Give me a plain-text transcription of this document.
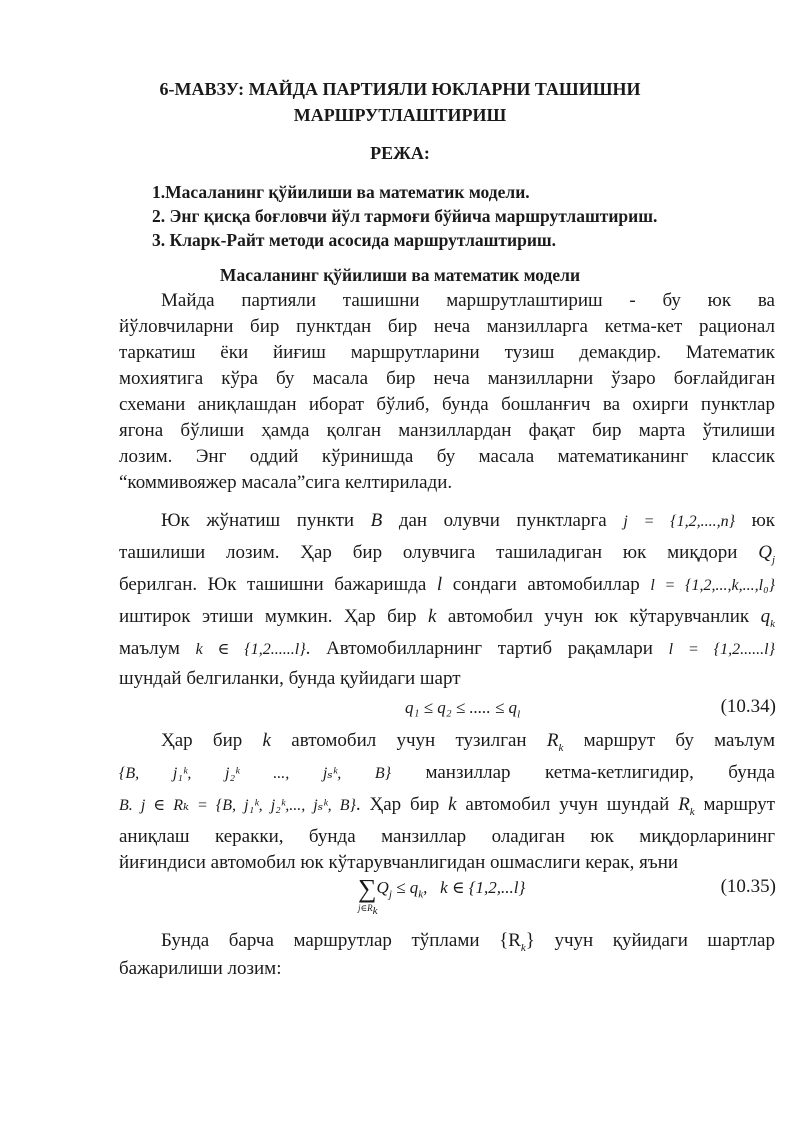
6-МАВЗУ: МАЙДА ПАРТИЯЛИ ЮКЛАРНИ ТАШИШНИ
МАРШРУТЛАШТИРИШ
РЕЖА:
1.Масаланинг қўйилиши ва математик модели.
2. Энг қисқа боғловчи йўл тармоғи бўйича маршрутлаштириш.
3. Кларк-Райт методи асосида маршрутлаштириш.
Масаланинг қўйилиши ва математик модели
Майда партияли ташишни маршрутлаштириш - бу юк ва
йўловчиларни бир пунктдан бир неча манзилларга кетма-кет рационал
таркатиш ёки йиғиш маршрутларини тузиш демакдир. Математик
мохиятига кўра бу масала бир неча манзилларни ўзаро боғлайдиган
схемани аниқлашдан иборат бўлиб, бунда бошланғич ва охирги пунктлар
ягона бўлиши ҳамда қолган манзиллардан фақат бир марта ўтилиши
лозим. Энг оддий кўринишда бу масала математиканинг классик
“коммивояжер масала”сига келтирилади.
Юк жўнатиш пункти B дан олувчи пунктларга j = {1,2,....,n} юк
ташилиши лозим. Ҳар бир олувчига ташиладиган юк миқдори $Q_j$
берилган. Юк ташишни бажаришда l сондаги автомобиллар l = {1,2,...,k,...,l₀}
иштирок этиши мумкин. Ҳар бир k автомобил учун юк кўтарувчанлик $q_k$
маълум k ∈ {1,2......l}. Автомобилларнинг тартиб рақамлари l = {1,2......l}
шундай белгиланки, бунда қуйидаги шарт
q₁ ≤ q₂ ≤ ..... ≤ $q_l$	(10.34)
Ҳар бир k автомобил учун тузилган $R_k$ маршрут бу маълум
{B, j₁ᵏ, j₂ᵏ ..., jₛᵏ, B} манзиллар кетма-кетлигидир, бунда
B. j ∈ Rₖ = {B, j₁ᵏ, j₂ᵏ,..., jₛᵏ, B}. Ҳар бир k автомобил учун шундай $R_k$ маршрут
аниқлаш керакки, бунда манзиллар оладиган юк миқдорларининг
йиғиндиси автомобил юк кўтарувчанлигидан ошмаслиги керак, яъни
$\sum Q_j \le q_k$,   k ∈ {1,2,...l}
$j\in R_k$
(10.35)
Бунда барча маршрутлар тўплами $\{R_k\}$ учун қуйидаги шартлар
бажарилиши лозим:
